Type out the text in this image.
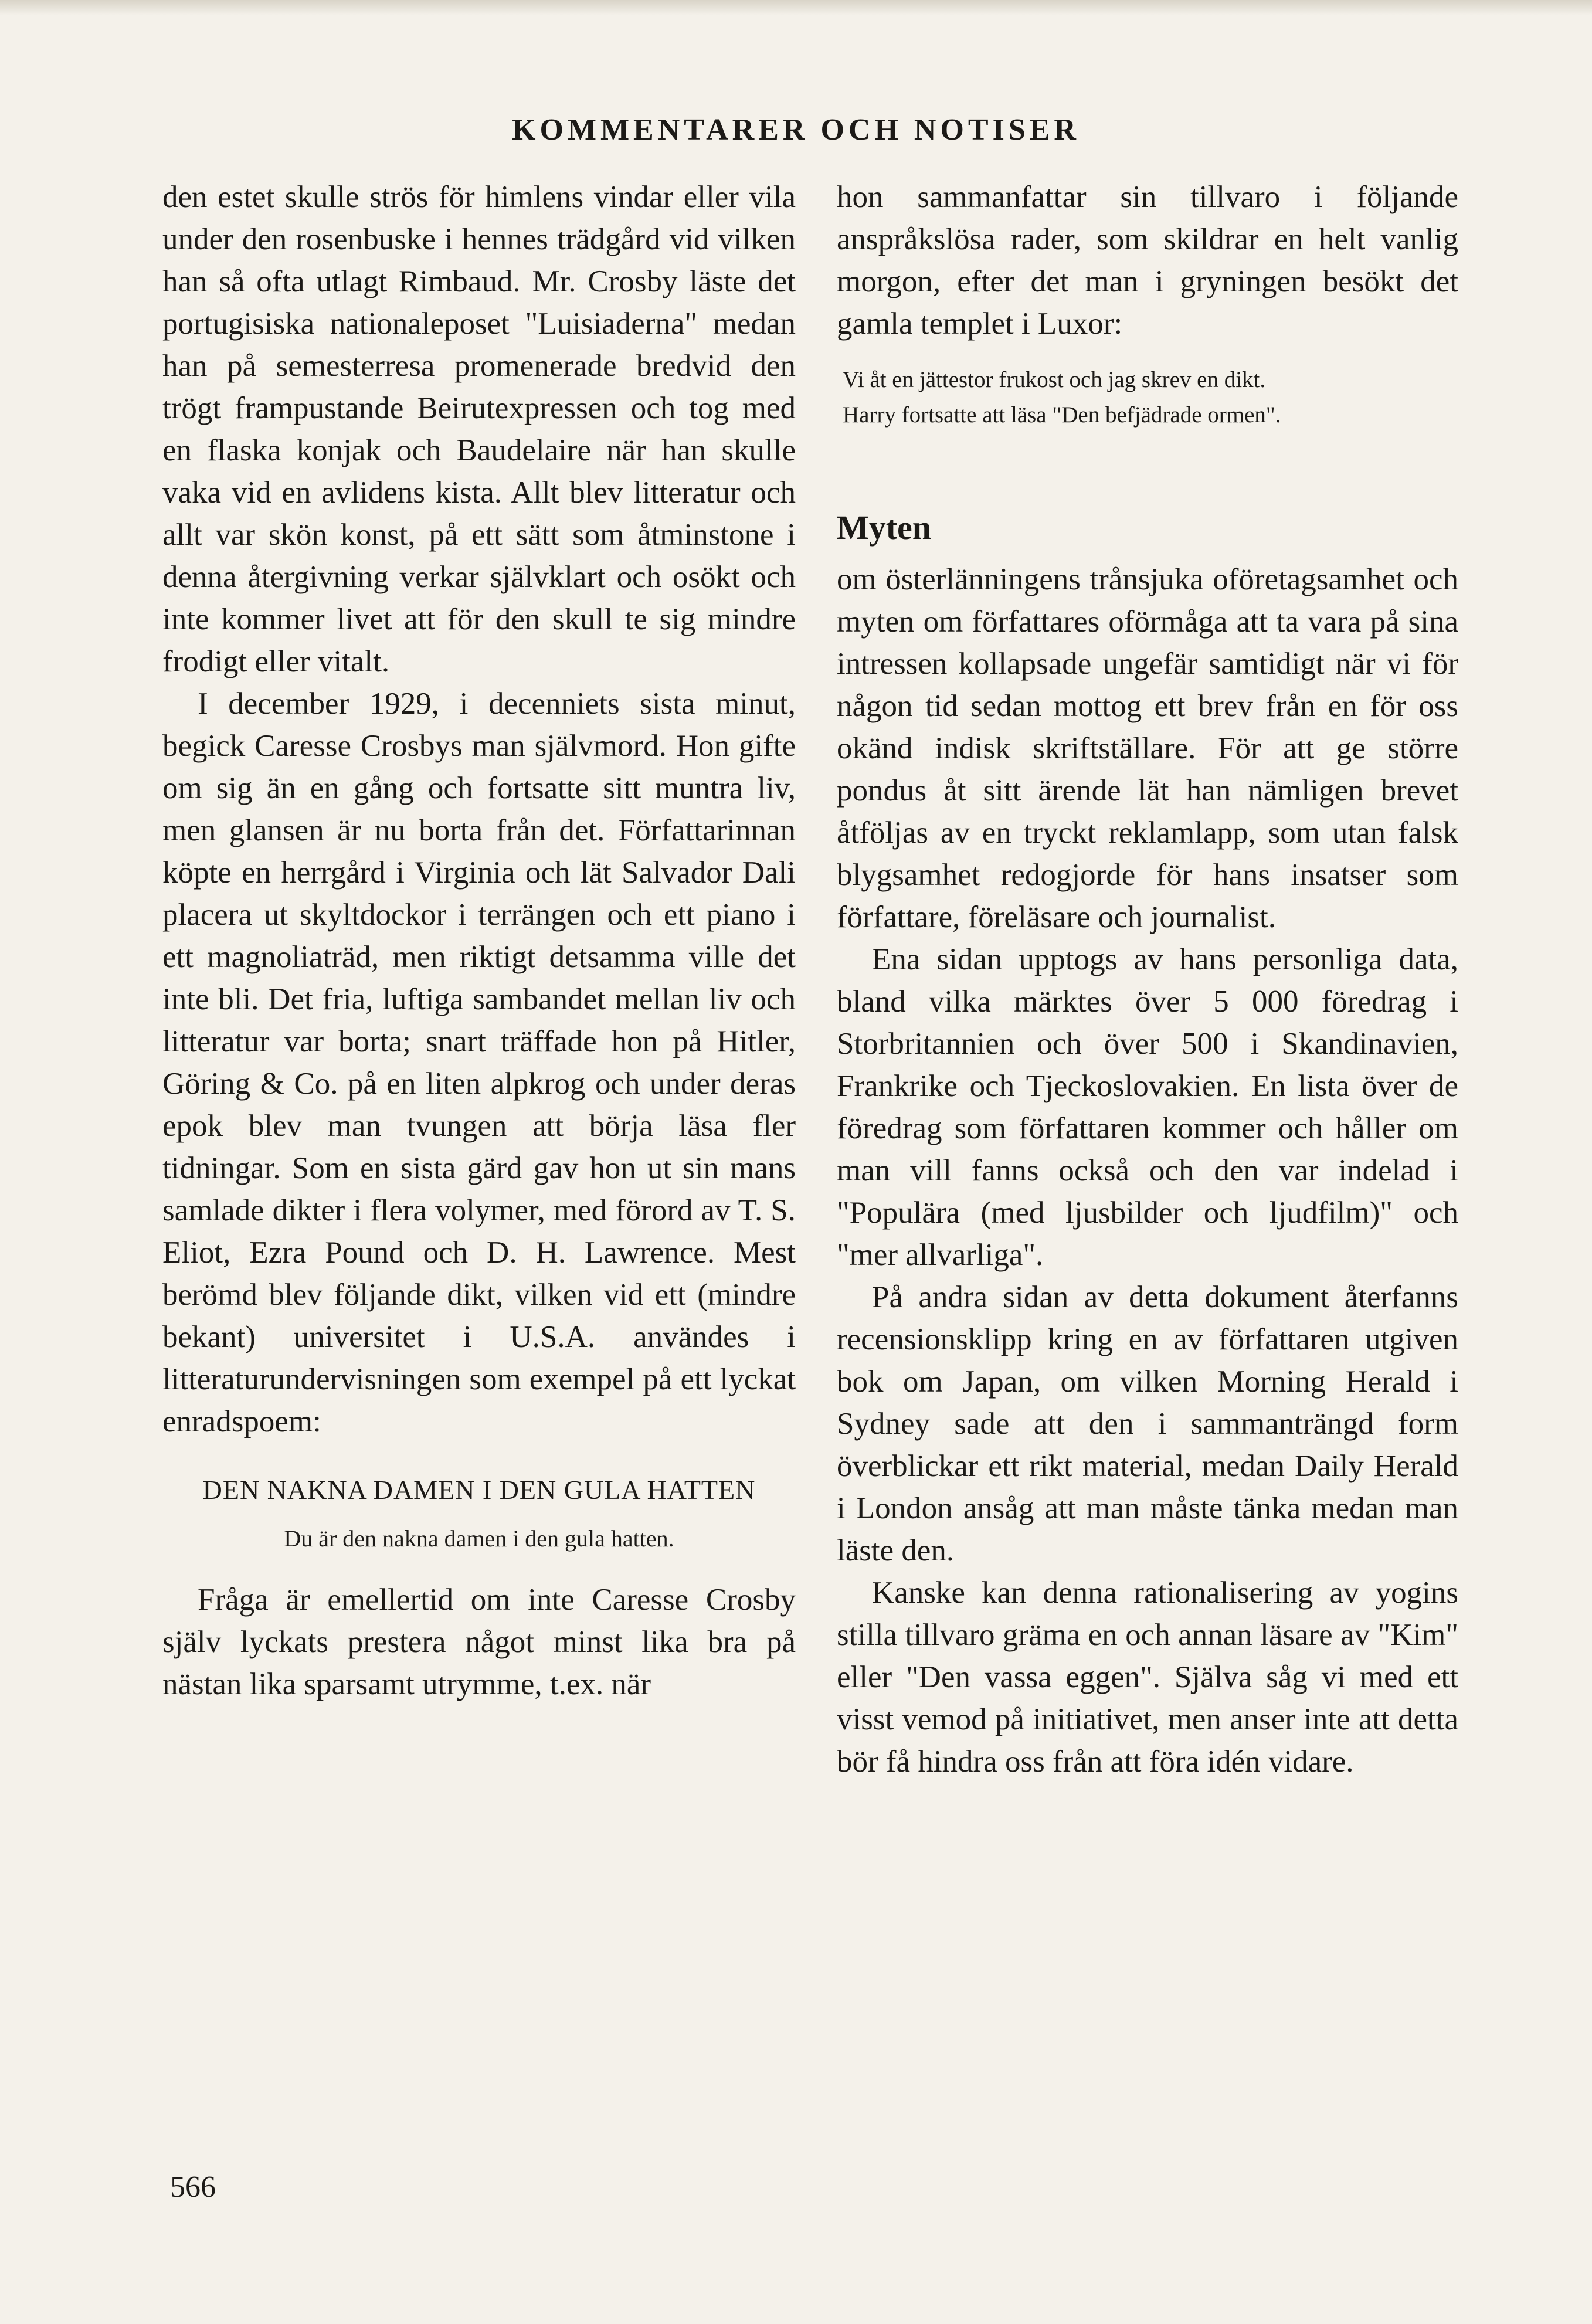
KOMMENTARER OCH NOTISER

den estet skulle strös för himlens vindar eller vila under den rosenbuske i hennes trädgård vid vilken han så ofta utlagt Rimbaud. Mr. Crosby läste det portugisiska nationaleposet "Luisiaderna" medan han på semesterresa promenerade bredvid den trögt frampustande Beirutexpressen och tog med en flaska konjak och Baudelaire när han skulle vaka vid en avlidens kista. Allt blev litteratur och allt var skön konst, på ett sätt som åtminstone i denna återgivning verkar självklart och osökt och inte kommer livet att för den skull te sig mindre frodigt eller vitalt.

I december 1929, i decenniets sista minut, begick Caresse Crosbys man självmord. Hon gifte om sig än en gång och fortsatte sitt muntra liv, men glansen är nu borta från det. Författarinnan köpte en herrgård i Virginia och lät Salvador Dali placera ut skyltdockor i terrängen och ett piano i ett magnoliaträd, men riktigt detsamma ville det inte bli. Det fria, luftiga sambandet mellan liv och litteratur var borta; snart träffade hon på Hitler, Göring & Co. på en liten alpkrog och under deras epok blev man tvungen att börja läsa fler tidningar. Som en sista gärd gav hon ut sin mans samlade dikter i flera volymer, med förord av T. S. Eliot, Ezra Pound och D. H. Lawrence. Mest berömd blev följande dikt, vilken vid ett (mindre bekant) universitet i U.S.A. användes i litteraturundervisningen som exempel på ett lyckat enradspoem:

DEN NAKNA DAMEN I DEN GULA HATTEN
Du är den nakna damen i den gula hatten.

Fråga är emellertid om inte Caresse Crosby själv lyckats prestera något minst lika bra på nästan lika sparsamt utrymme, t.ex. när

hon sammanfattar sin tillvaro i följande anspråkslösa rader, som skildrar en helt vanlig morgon, efter det man i gryningen besökt det gamla templet i Luxor:

Vi åt en jättestor frukost och jag skrev en dikt.
Harry fortsatte att läsa "Den befjädrade ormen".
Myten

om österlänningens trånsjuka oföretagsamhet och myten om författares oförmåga att ta vara på sina intressen kollapsade ungefär samtidigt när vi för någon tid sedan mottog ett brev från en för oss okänd indisk skriftställare. För att ge större pondus åt sitt ärende lät han nämligen brevet åtföljas av en tryckt reklamlapp, som utan falsk blygsamhet redogjorde för hans insatser som författare, föreläsare och journalist.

Ena sidan upptogs av hans personliga data, bland vilka märktes över 5 000 föredrag i Storbritannien och över 500 i Skandinavien, Frankrike och Tjeckoslovakien. En lista över de föredrag som författaren kommer och håller om man vill fanns också och den var indelad i "Populära (med ljusbilder och ljudfilm)" och "mer allvarliga".

På andra sidan av detta dokument återfanns recensionsklipp kring en av författaren utgiven bok om Japan, om vilken Morning Herald i Sydney sade att den i sammanträngd form överblickar ett rikt material, medan Daily Herald i London ansåg att man måste tänka medan man läste den.

Kanske kan denna rationalisering av yogins stilla tillvaro gräma en och annan läsare av "Kim" eller "Den vassa eggen". Själva såg vi med ett visst vemod på initiativet, men anser inte att detta bör få hindra oss från att föra idén vidare.

566
